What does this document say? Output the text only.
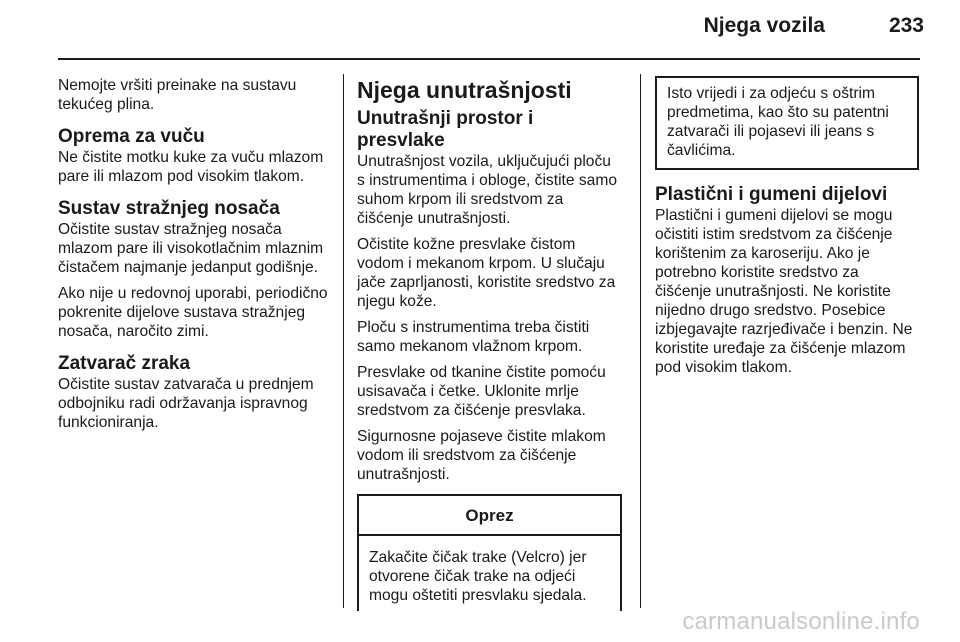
Njega vozila	233

Nemojte vršiti preinake na sustavu tekućeg plina.

Oprema za vuču

Ne čistite motku kuke za vuču mlazom pare ili mlazom pod visokim tlakom.

Sustav stražnjeg nosača

Očistite sustav stražnjeg nosača mlazom pare ili visokotlačnim mlaznim čistačem najmanje jedanput godišnje.

Ako nije u redovnoj uporabi, periodično pokrenite dijelove sustava stražnjeg nosača, naročito zimi.

Zatvarač zraka

Očistite sustav zatvarača u prednjem odbojniku radi održavanja ispravnog funkcioniranja.

Njega unutrašnjosti
Unutrašnji prostor i presvlake

Unutrašnjost vozila, uključujući ploču s instrumentima i obloge, čistite samo suhom krpom ili sredstvom za čišćenje unutrašnjosti.

Očistite kožne presvlake čistom vodom i mekanom krpom. U slučaju jače zaprljanosti, koristite sredstvo za njegu kože.

Ploču s instrumentima treba čistiti samo mekanom vlažnom krpom.

Presvlake od tkanine čistite pomoću usisavača i četke. Uklonite mrlje sredstvom za čišćenje presvlaka.

Sigurnosne pojaseve čistite mlakom vodom ili sredstvom za čišćenje unutrašnjosti.

Oprez

Zakačite čičak trake (Velcro) jer otvorene čičak trake na odjeći mogu oštetiti presvlaku sjedala.

Isto vrijedi i za odjeću s oštrim predmetima, kao što su patentni zatvarači ili pojasevi ili jeans s čavlićima.

Plastični i gumeni dijelovi

Plastični i gumeni dijelovi se mogu očistiti istim sredstvom za čišćenje korištenim za karoseriju. Ako je potrebno koristite sredstvo za čišćenje unutrašnjosti. Ne koristite nijedno drugo sredstvo. Posebice izbjegavajte razrjeđivače i benzin. Ne koristite uređaje za čišćenje mlazom pod visokim tlakom.

carmanualsonline.info
